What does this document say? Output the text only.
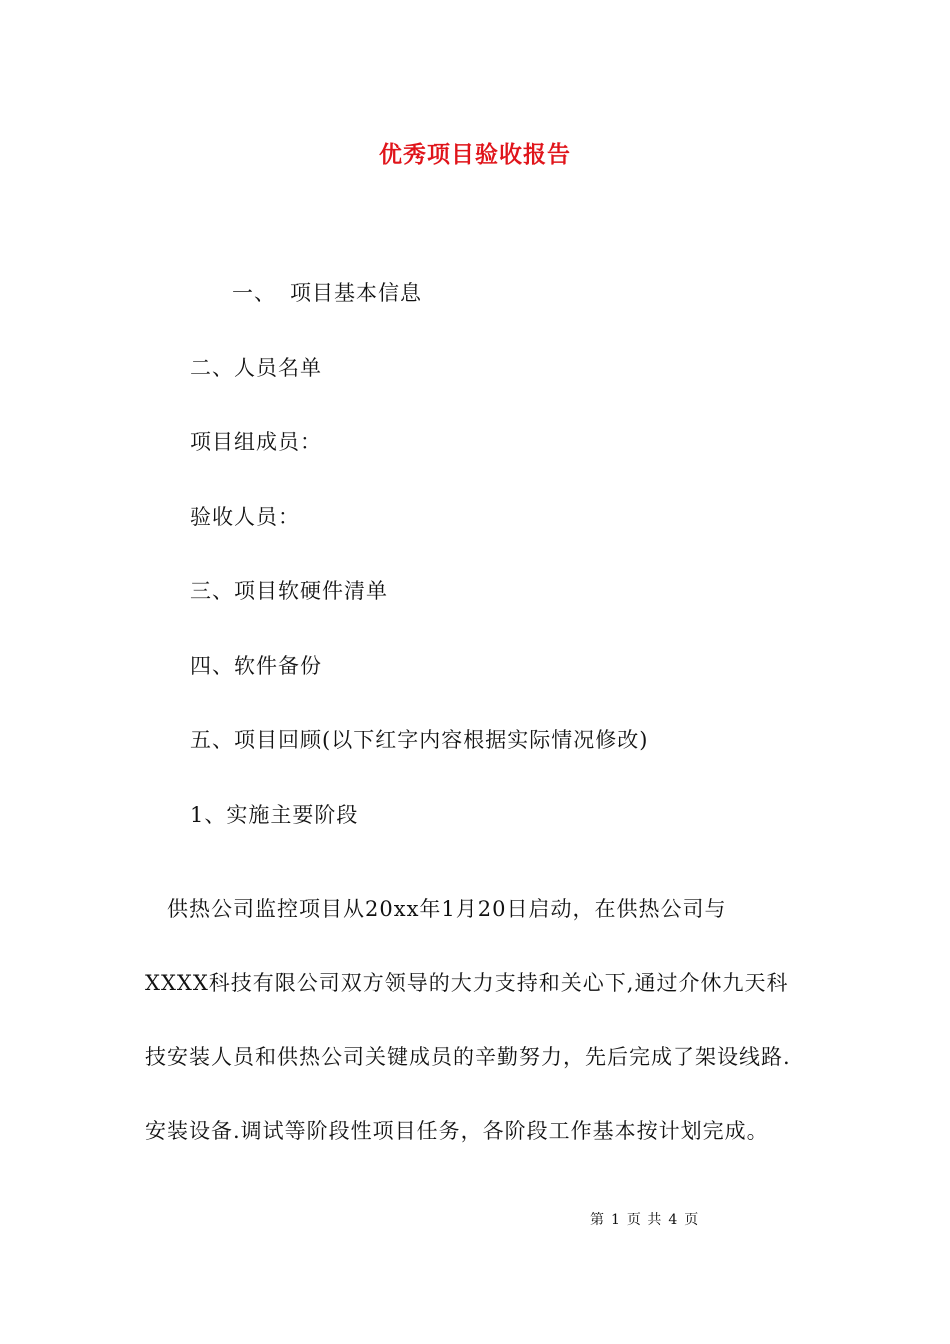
优秀项目验收报告
一、 项目基本信息
二、人员名单
项目组成员：
验收人员：
三、项目软硬件清单
四、软件备份
五、项目回顾(以下红字内容根据实际情况修改)
1、实施主要阶段
　供热公司监控项目从20xx年1月20日启动，在供热公司与
XXXX科技有限公司双方领导的大力支持和关心下,通过介休九天科
技安装人员和供热公司关键成员的辛勤努力，先后完成了架设线路.
安装设备.调试等阶段性项目任务，各阶段工作基本按计划完成。
第 1 页 共 4 页
